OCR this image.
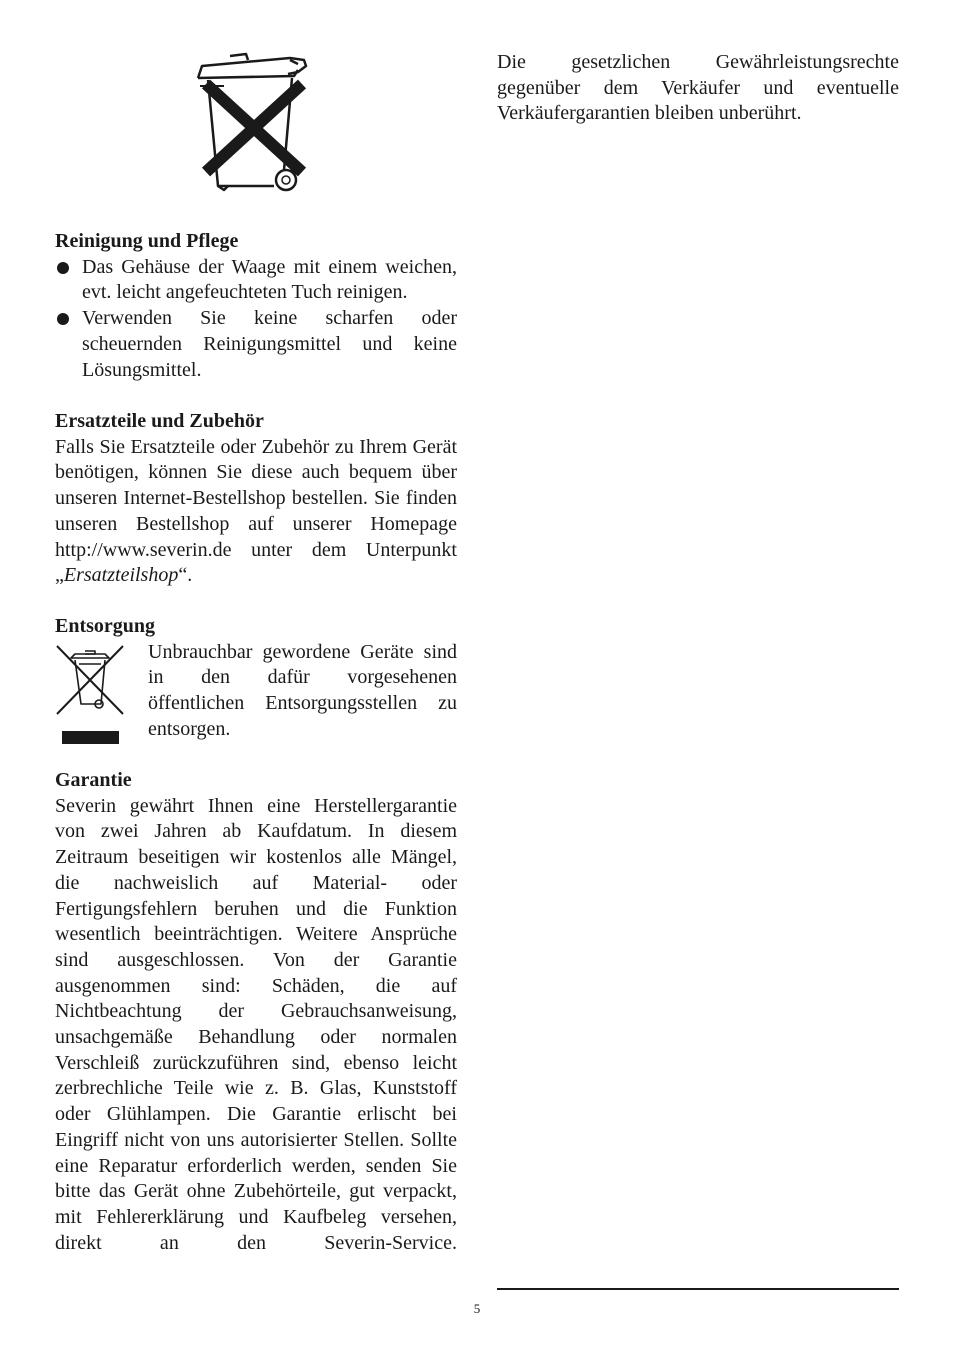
Reinigung und Pflege
Das Gehäuse der Waage mit einem weichen, evt. leicht angefeuchteten Tuch reinigen.
Verwenden Sie keine scharfen oder scheuernden Reinigungsmittel und keine Lösungsmittel.
Ersatzteile und Zubehör

Falls Sie Ersatzteile oder Zubehör zu Ihrem Gerät benötigen, können Sie diese auch bequem über unseren Internet-Bestellshop bestellen. Sie finden unseren Bestellshop auf unserer Homepage http://www.severin.de unter dem Unterpunkt „Ersatzteilshop“.

Entsorgung

Unbrauchbar gewordene Geräte sind in den dafür vorgesehenen öffentlichen Entsorgungsstellen zu entsorgen.

Garantie

Severin gewährt Ihnen eine Herstellergarantie von zwei Jahren ab Kaufdatum. In diesem Zeitraum beseitigen wir kostenlos alle Mängel, die nachweislich auf Material- oder Fertigungsfehlern beruhen und die Funktion wesentlich beeinträchtigen. Weitere Ansprüche sind ausgeschlossen. Von der Garantie ausgenommen sind: Schäden, die auf Nichtbeachtung der Gebrauchsanweisung, unsachgemäße Behandlung oder normalen Verschleiß zurückzuführen sind, ebenso leicht zerbrechliche Teile wie z. B. Glas, Kunststoff oder Glühlampen. Die Garantie erlischt bei Eingriff nicht von uns autorisierter Stellen. Sollte eine Reparatur erforderlich werden, senden Sie bitte das Gerät ohne Zubehörteile, gut verpackt, mit Fehlererklärung und Kaufbeleg versehen, direkt an den Severin-Service.

Die gesetzlichen Gewährleistungsrechte gegenüber dem Verkäufer und eventuelle Verkäufergarantien bleiben unberührt.

5
